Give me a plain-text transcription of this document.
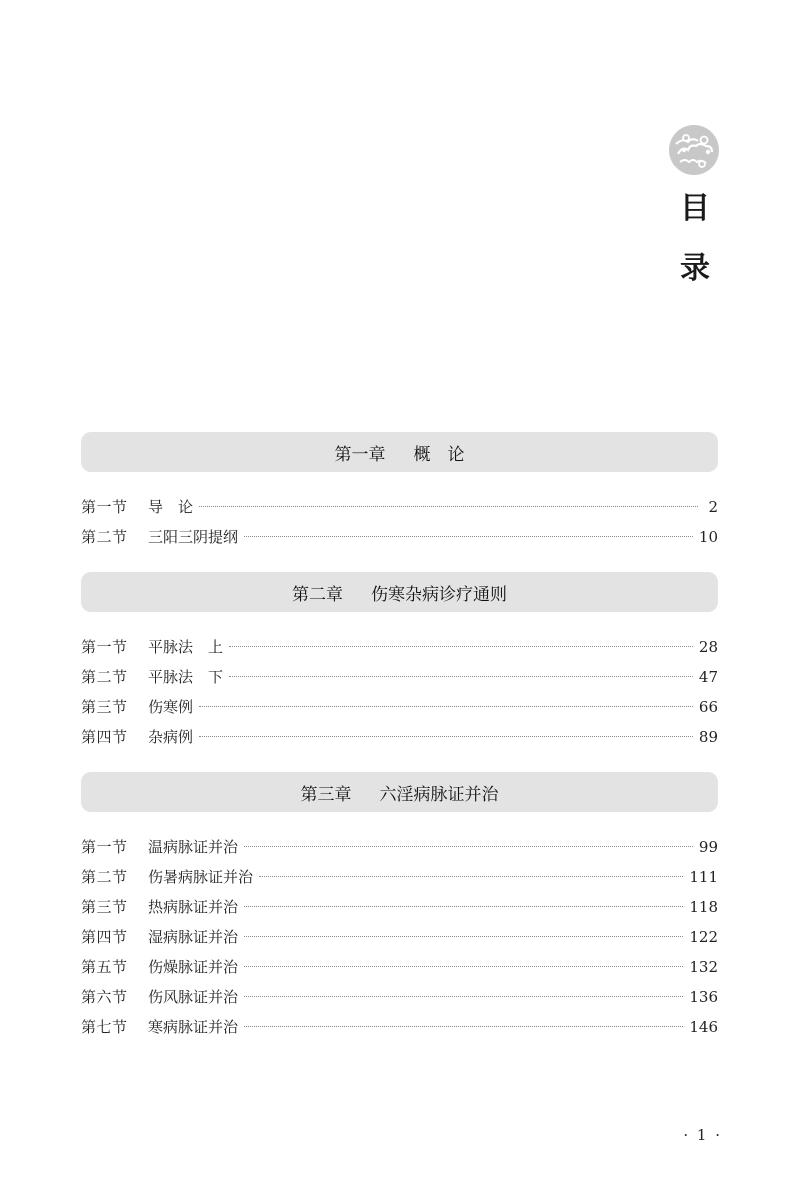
目
录
第一章 概　论
第一节	导　论	2
第二节	三阳三阴提纲	10
第二章 伤寒杂病诊疗通则
第一节	平脉法　上	28
第二节	平脉法　下	47
第三节	伤寒例	66
第四节	杂病例	89
第三章 六淫病脉证并治
第一节	温病脉证并治	99
第二节	伤暑病脉证并治	111
第三节	热病脉证并治	118
第四节	湿病脉证并治	122
第五节	伤燥脉证并治	132
第六节	伤风脉证并治	136
第七节	寒病脉证并治	146
· 1 ·
